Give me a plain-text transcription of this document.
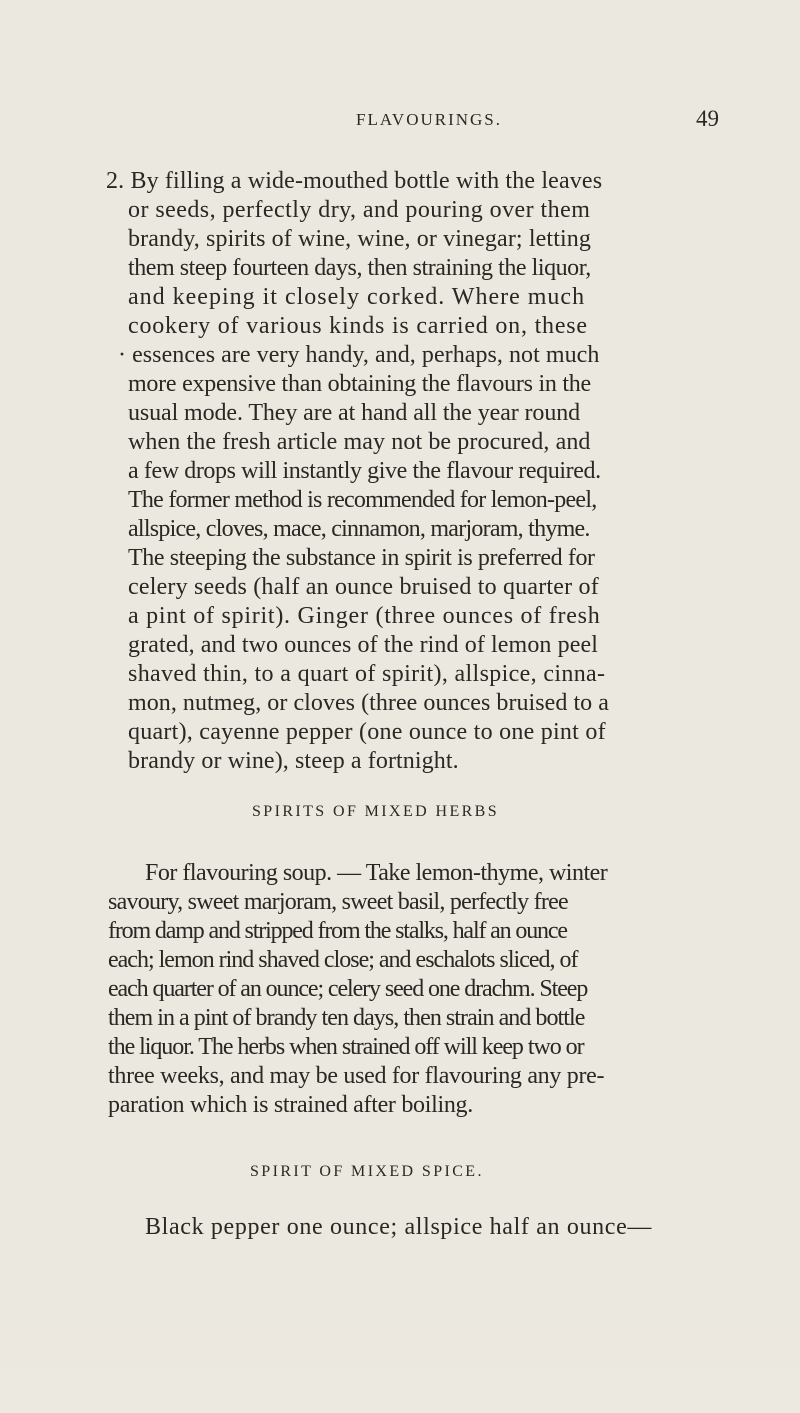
FLAVOURINGS.	49
2. By filling a wide-mouthed bottle with the leaves
or seeds, perfectly dry, and pouring over them
brandy, spirits of wine, wine, or vinegar; letting
them steep fourteen days, then straining the liquor,
and keeping it closely corked. Where much
cookery of various kinds is carried on, these
· essences are very handy, and, perhaps, not much
more expensive than obtaining the flavours in the
usual mode. They are at hand all the year round
when the fresh article may not be procured, and
a few drops will instantly give the flavour required.
The former method is recommended for lemon-peel,
allspice, cloves, mace, cinnamon, marjoram, thyme.
The steeping the substance in spirit is preferred for
celery seeds (half an ounce bruised to quarter of
a pint of spirit). Ginger (three ounces of fresh
grated, and two ounces of the rind of lemon peel
shaved thin, to a quart of spirit), allspice, cinna-
mon, nutmeg, or cloves (three ounces bruised to a
quart), cayenne pepper (one ounce to one pint of
brandy or wine), steep a fortnight.
SPIRITS OF MIXED HERBS
For flavouring soup. — Take lemon-thyme, winter
savoury, sweet marjoram, sweet basil, perfectly free
from damp and stripped from the stalks, half an ounce
each; lemon rind shaved close; and eschalots sliced, of
each quarter of an ounce; celery seed one drachm. Steep
them in a pint of brandy ten days, then strain and bottle
the liquor. The herbs when strained off will keep two or
three weeks, and may be used for flavouring any pre-
paration which is strained after boiling.
SPIRIT OF MIXED SPICE.
Black pepper one ounce; allspice half an ounce—
